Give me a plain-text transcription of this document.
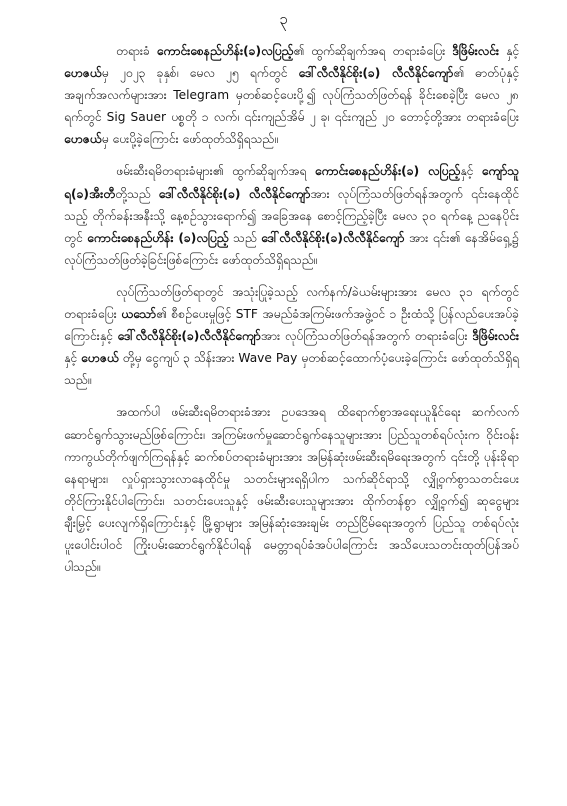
၃

တရားခံ ကောင်းစေနည်ဟိန်း(ခ)လပြည့်၏ ထွက်ဆိုချက်အရ တရားခံပြေး ဒီဖြိမ်းလင်း နှင့် ဟေဇယ်မှ ၂၀၂၃ ခုနှစ်၊ မေလ ၂၅ ရက်တွင် ဒေါ်လီလီနိုင်စိုး(ခ) လီလီနိုင်ကျော်၏ ဓာတ်ပုံနှင့် အချက်အလက်များအား Telegram မှတစ်ဆင့်ပေးပို့၍ လုပ်ကြံသတ်ဖြတ်ရန် ခိုင်းစေခဲ့ပြီး မေလ ၂၈ ရက်တွင် Sig Sauer ပစ္စတို ၁ လက်၊ ၎င်းကျည်အိမ် ၂ ခု၊ ၎င်းကျည် ၂၀ တောင့်တို့အား တရားခံပြေး ဟေဇယ်မှ ပေးပို့ခဲ့ကြောင်း ဖော်ထုတ်သိရှိရသည်။

ဖမ်းဆီးရမိတရားခံများ၏ ထွက်ဆိုချက်အရ ကောင်းစေနည်ဟိန်း(ခ) လပြည့်နှင့် ကျော်သူရ(ခ)အီးတီတို့သည် ဒေါ်လီလီနိုင်စိုး(ခ) လီလီနိုင်ကျော်အား လုပ်ကြံသတ်ဖြတ်ရန်အတွက် ၎င်းနေထိုင်သည့် တိုက်ခန်းအနီးသို့ နေ့စဉ်သွားရောက်၍ အခြေအနေ စောင့်ကြည့်ခဲ့ပြီး မေလ ၃၀ ရက်နေ့ ညနေပိုင်းတွင် ကောင်းစေနည်ဟိန်း (ခ)လပြည့် သည် ဒေါ်လီလီနိုင်စိုး(ခ)လီလီနိုင်ကျော် အား ၎င်း၏ နေအိမ်ရှေ့၌ လုပ်ကြံသတ်ဖြတ်ခဲ့ခြင်းဖြစ်ကြောင်း ဖော်ထုတ်သိရှိရသည်။

လုပ်ကြံသတ်ဖြတ်ရာတွင် အသုံးပြုခဲ့သည့် လက်နက်/ခဲယမ်းများအား မေလ ၃၁ ရက်တွင် တရားခံပြေး ယသော်၏ စီစဉ်ပေးမှုဖြင့် STF အမည်ခံအကြမ်းဖက်အဖွဲ့ဝင် ၁ ဦးထံသို့ ပြန်လည်ပေးအပ်ခဲ့ကြောင်းနှင့် ဒေါ်လီလီနိုင်စိုး(ခ)လီလီနိုင်ကျော်အား လုပ်ကြံသတ်ဖြတ်ရန်အတွက် တရားခံပြေး ဒီဖြိမ်းလင်း နှင့် ဟေဇယ် တို့မှ ငွေကျပ် ၃ သိန်းအား Wave Pay မှတစ်ဆင့်ထောက်ပံ့ပေးခဲ့ကြောင်း ဖော်ထုတ်သိရှိရသည်။

အထက်ပါ ဖမ်းဆီးရမိတရားခံအား ဥပဒေအရ ထိရောက်စွာအရေးယူနိုင်ရေး ဆက်လက်ဆောင်ရွက်သွားမည်ဖြစ်ကြောင်း၊ အကြမ်းဖက်မှုဆောင်ရွက်နေသူများအား ပြည်သူတစ်ရပ်လုံးက ဝိုင်းဝန်းကာကွယ်တိုက်ဖျက်ကြရန်နှင့် ဆက်စပ်တရားခံများအား အမြန်ဆုံးဖမ်းဆီးရမိရေးအတွက် ၎င်းတို့ ပုန်းခိုရာနေရာများ၊ လှုပ်ရှားသွားလာနေထိုင်မှု သတင်းများရရှိပါက သက်ဆိုင်ရာသို့ လျှို့ဝှက်စွာသတင်းပေး တိုင်ကြားနိုင်ပါကြောင်း၊ သတင်းပေးသူနှင့် ဖမ်းဆီးပေးသူများအား ထိုက်တန်စွာ လျှို့ဝှက်၍ ဆုငွေများချီးမြှင့် ပေးလျက်ရှိကြောင်းနှင့် မြို့ရွာများ အမြန်ဆုံးအေးချမ်း တည်ငြိမ်ရေးအတွက် ပြည်သူ တစ်ရပ်လုံးပူးပေါင်းပါဝင် ကြိုးပမ်းဆောင်ရွက်နိုင်ပါရန် မေတ္တာရပ်ခံအပ်ပါကြောင်း အသိပေးသတင်းထုတ်ပြန်အပ်ပါသည်။
